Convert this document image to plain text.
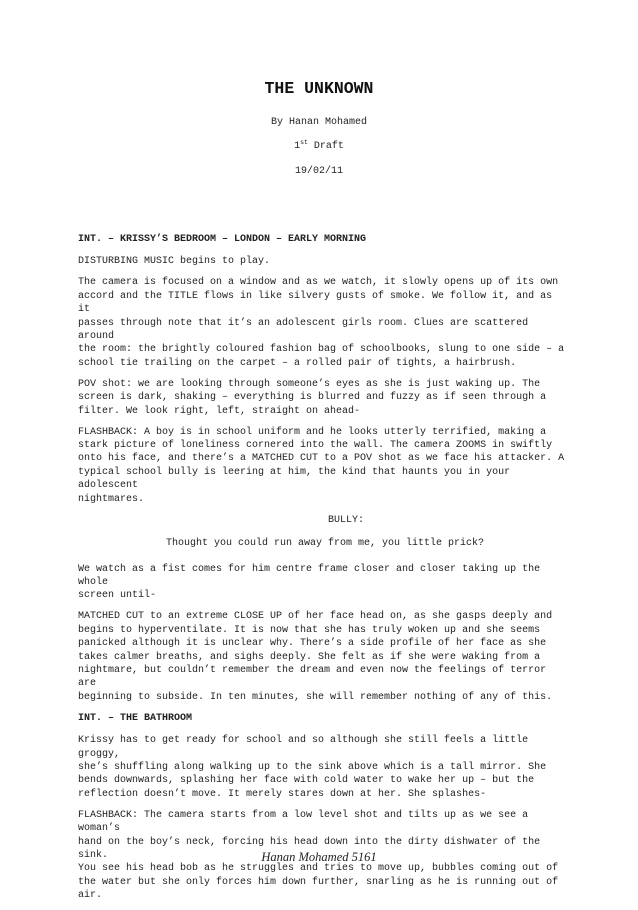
THE UNKNOWN
By Hanan Mohamed
1st Draft
19/02/11

INT. – KRISSY’S BEDROOM – LONDON – EARLY MORNING

DISTURBING MUSIC begins to play.

The camera is focused on a window and as we watch, it slowly opens up of its own
accord and the TITLE flows in like silvery gusts of smoke. We follow it, and as it
passes through note that it’s an adolescent girls room. Clues are scattered around
the room: the brightly coloured fashion bag of schoolbooks, slung to one side – a
school tie trailing on the carpet – a rolled pair of tights, a hairbrush.

POV shot: we are looking through someone’s eyes as she is just waking up. The
screen is dark, shaking – everything is blurred and fuzzy as if seen through a
filter. We look right, left, straight on ahead-

FLASHBACK: A boy is in school uniform and he looks utterly terrified, making a
stark picture of loneliness cornered into the wall. The camera ZOOMS in swiftly
onto his face, and there’s a MATCHED CUT to a POV shot as we face his attacker. A
typical school bully is leering at him, the kind that haunts you in your adolescent
nightmares.

BULLY:

Thought you could run away from me, you little prick?

We watch as a fist comes for him centre frame closer and closer taking up the whole
screen until-

MATCHED CUT to an extreme CLOSE UP of her face head on, as she gasps deeply and
begins to hyperventilate. It is now that she has truly woken up and she seems
panicked although it is unclear why. There’s a side profile of her face as she
takes calmer breaths, and sighs deeply. She felt as if she were waking from a
nightmare, but couldn’t remember the dream and even now the feelings of terror are
beginning to subside. In ten minutes, she will remember nothing of any of this.

INT. – THE BATHROOM

Krissy has to get ready for school and so although she still feels a little groggy,
she’s shuffling along walking up to the sink above which is a tall mirror. She
bends downwards, splashing her face with cold water to wake her up – but the
reflection doesn’t move. It merely stares down at her. She splashes-

FLASHBACK: The camera starts from a low level shot and tilts up as we see a woman’s
hand on the boy’s neck, forcing his head down into the dirty dishwater of the sink.
You see his head bob as he struggles and tries to move up, bubbles coming out of
the water but she only forces him down further, snarling as he is running out of
air.

Hanan Mohamed 5161
